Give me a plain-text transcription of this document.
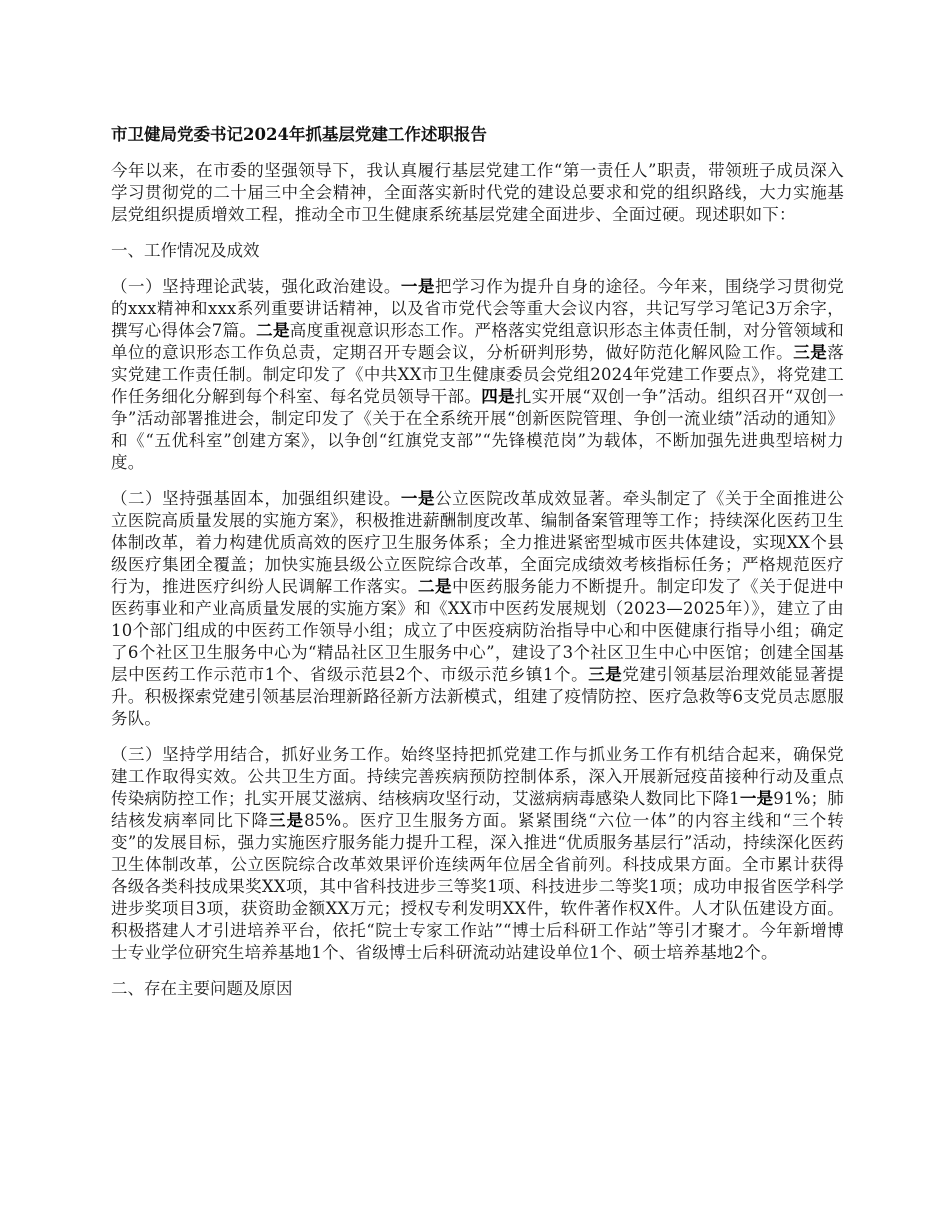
市卫健局党委书记2024年抓基层党建工作述职报告

今年以来，在市委的坚强领导下，我认真履行基层党建工作“第一责任人”职责，带领班子成员深入学习贯彻党的二十届三中全会精神，全面落实新时代党的建设总要求和党的组织路线，大力实施基层党组织提质增效工程，推动全市卫生健康系统基层党建全面进步、全面过硬。现述职如下：

一、工作情况及成效

（一）坚持理论武装，强化政治建设。一是把学习作为提升自身的途径。今年来，围绕学习贯彻党的xxx精神和xxx系列重要讲话精神，以及省市党代会等重大会议内容，共记写学习笔记3万余字，撰写心得体会7篇。二是高度重视意识形态工作。严格落实党组意识形态主体责任制，对分管领域和单位的意识形态工作负总责，定期召开专题会议，分析研判形势，做好防范化解风险工作。三是落实党建工作责任制。制定印发了《中共XX市卫生健康委员会党组2024年党建工作要点》，将党建工作任务细化分解到每个科室、每名党员领导干部。四是扎实开展“双创一争”活动。组织召开“双创一争”活动部署推进会，制定印发了《关于在全系统开展“创新医院管理、争创一流业绩”活动的通知》和《“五优科室”创建方案》，以争创“红旗党支部”“先锋模范岗”为载体，不断加强先进典型培树力度。

（二）坚持强基固本，加强组织建设。一是公立医院改革成效显著。牵头制定了《关于全面推进公立医院高质量发展的实施方案》，积极推进薪酬制度改革、编制备案管理等工作；持续深化医药卫生体制改革，着力构建优质高效的医疗卫生服务体系；全力推进紧密型城市医共体建设，实现XX个县级医疗集团全覆盖；加快实施县级公立医院综合改革，全面完成绩效考核指标任务；严格规范医疗行为，推进医疗纠纷人民调解工作落实。二是中医药服务能力不断提升。制定印发了《关于促进中医药事业和产业高质量发展的实施方案》和《XX市中医药发展规划（2023—2025年）》，建立了由10个部门组成的中医药工作领导小组；成立了中医疫病防治指导中心和中医健康行指导小组；确定了6个社区卫生服务中心为“精品社区卫生服务中心”，建设了3个社区卫生中心中医馆；创建全国基层中医药工作示范市1个、省级示范县2个、市级示范乡镇1个。三是党建引领基层治理效能显著提升。积极探索党建引领基层治理新路径新方法新模式，组建了疫情防控、医疗急救等6支党员志愿服务队。

（三）坚持学用结合，抓好业务工作。始终坚持把抓党建工作与抓业务工作有机结合起来，确保党建工作取得实效。公共卫生方面。持续完善疾病预防控制体系，深入开展新冠疫苗接种行动及重点传染病防控工作；扎实开展艾滋病、结核病攻坚行动，艾滋病病毒感染人数同比下降1一是91%；肺结核发病率同比下降三是85%。医疗卫生服务方面。紧紧围绕“六位一体”的内容主线和“三个转变”的发展目标，强力实施医疗服务能力提升工程，深入推进“优质服务基层行”活动，持续深化医药卫生体制改革，公立医院综合改革效果评价连续两年位居全省前列。科技成果方面。全市累计获得各级各类科技成果奖XX项，其中省科技进步三等奖1项、科技进步二等奖1项；成功申报省医学科学进步奖项目3项，获资助金额XX万元；授权专利发明XX件，软件著作权X件。人才队伍建设方面。积极搭建人才引进培养平台，依托“院士专家工作站”“博士后科研工作站”等引才聚才。今年新增博士专业学位研究生培养基地1个、省级博士后科研流动站建设单位1个、硕士培养基地2个。

二、存在主要问题及原因
